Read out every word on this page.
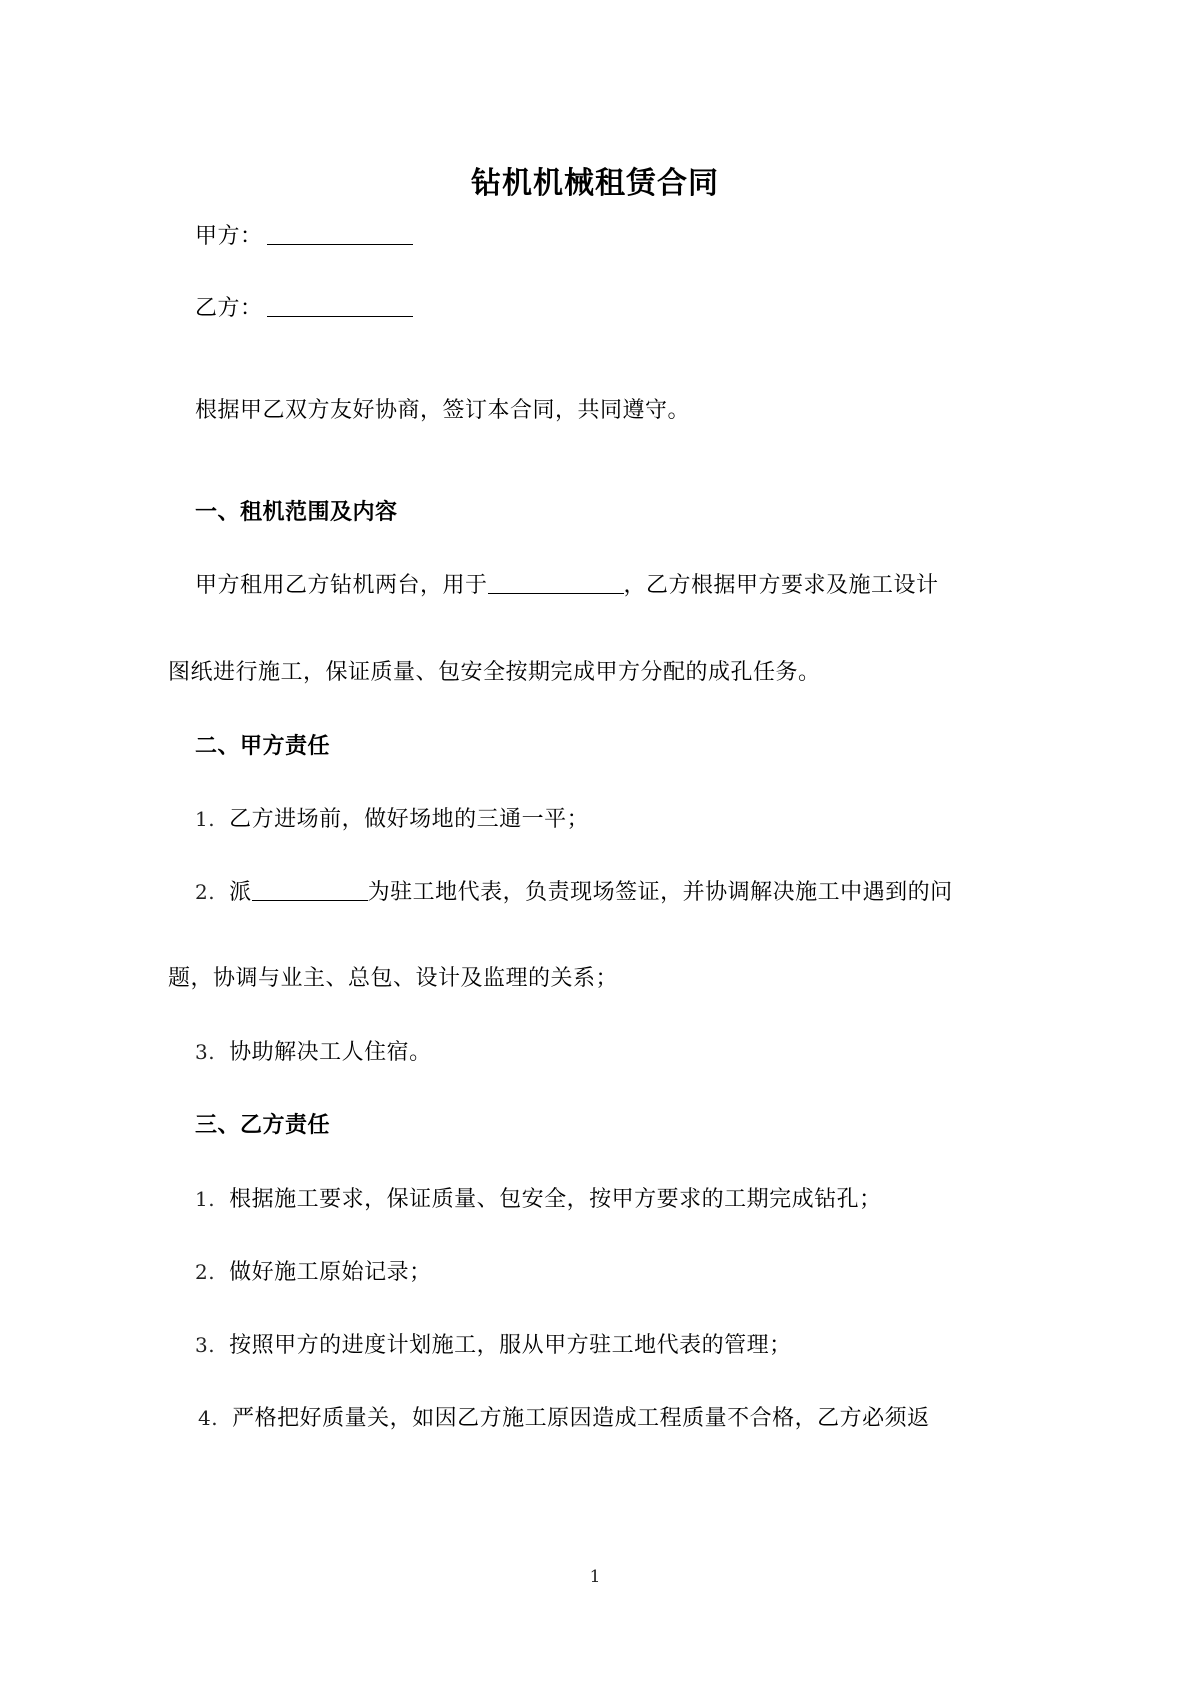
钻机机械租赁合同
甲方：
乙方：
根据甲乙双方友好协商，签订本合同，共同遵守。
一、租机范围及内容
甲方租用乙方钻机两台，用于	，乙方根据甲方要求及施工设计
图纸进行施工，保证质量、包安全按期完成甲方分配的成孔任务。
二、甲方责任
1. 乙方进场前，做好场地的三通一平；
2. 派	为驻工地代表，负责现场签证，并协调解决施工中遇到的问
题，协调与业主、总包、设计及监理的关系；
3. 协助解决工人住宿。
三、乙方责任
1. 根据施工要求，保证质量、包安全，按甲方要求的工期完成钻孔；
2. 做好施工原始记录；
3. 按照甲方的进度计划施工，服从甲方驻工地代表的管理；
4. 严格把好质量关，如因乙方施工原因造成工程质量不合格，乙方必须返
1
